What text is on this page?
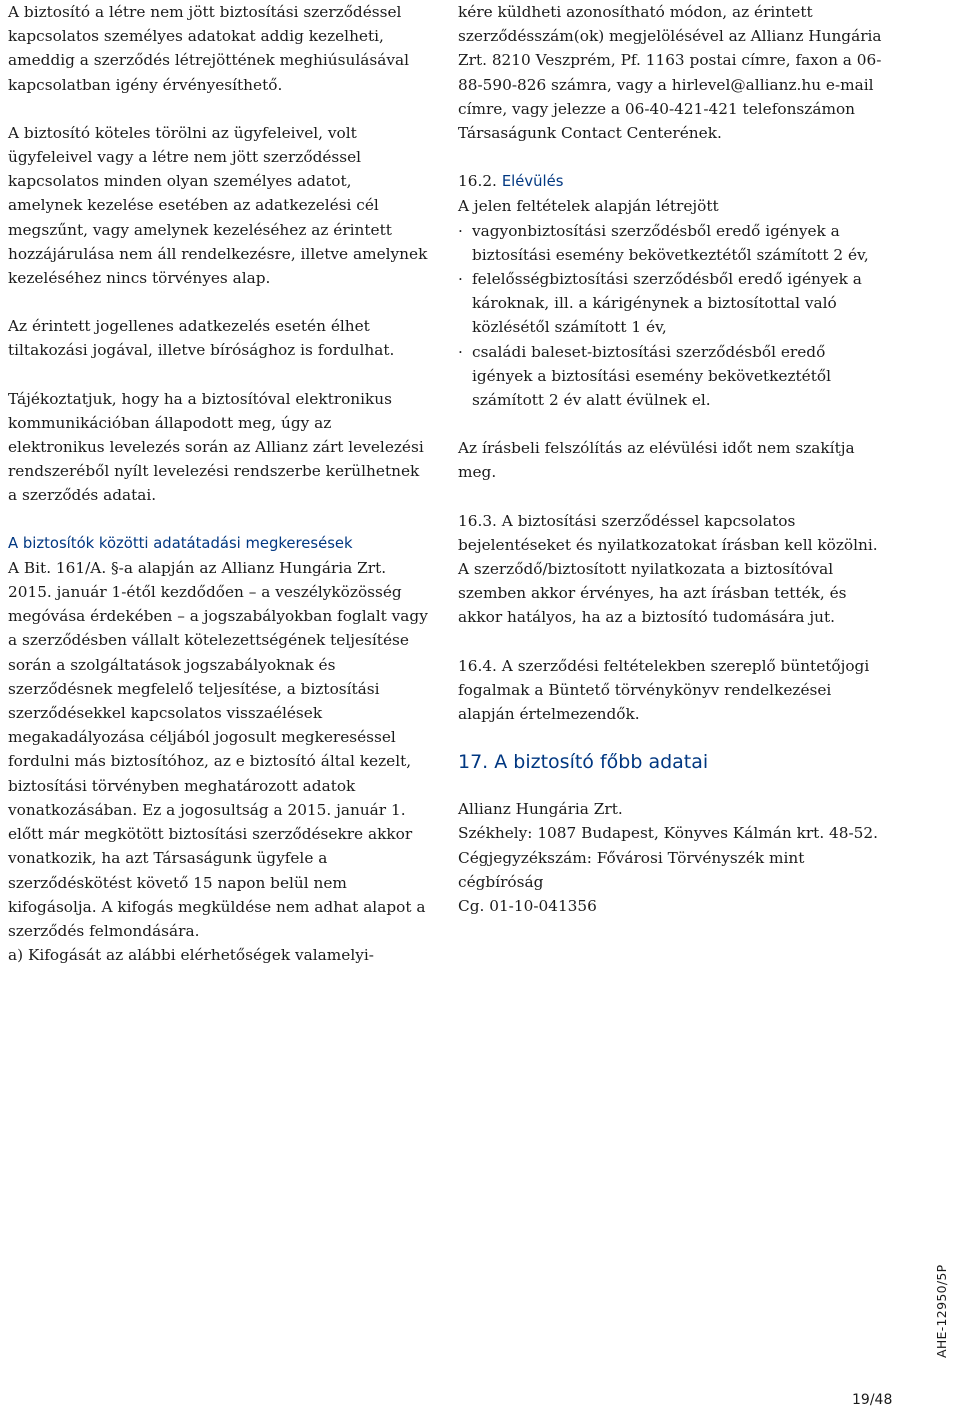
A biztosító a létre nem jött biztosítási szerződéssel kapcsolatos személyes adatokat addig kezelheti, ameddig a szerződés létrejöttének meghiúsulásával kapcsolatban igény érvényesíthető.

A biztosító köteles törölni az ügyfeleivel, volt ügyfeleivel vagy a létre nem jött szerződéssel kapcsolatos minden olyan személyes adatot, amelynek kezelése esetében az adatkezelési cél megszűnt, vagy amelynek kezeléséhez az érintett hozzájárulása nem áll rendelkezésre, illetve amelynek kezeléséhez nincs törvényes alap.

Az érintett jogellenes adatkezelés esetén élhet tiltakozási jogával, illetve bírósághoz is fordulhat.

Tájékoztatjuk, hogy ha a biztosítóval elektronikus kommunikációban állapodott meg, úgy az elektronikus levelezés során az Allianz zárt levelezési rendszeréből nyílt levelezési rendszerbe kerülhetnek a szerződés adatai.

A biztosítók közötti adatátadási megkeresések

A Bit. 161/A. §-a alapján az Allianz Hungária Zrt. 2015. január 1-étől kezdődően – a veszélyközösség megóvása érdekében – a jogszabályokban foglalt vagy a szerződésben vállalt kötelezettségének teljesítése során a szolgáltatások jogszabályoknak és szerződésnek megfelelő teljesítése, a biztosítási szerződésekkel kapcsolatos visszaélések megakadályozása céljából jogosult megkereséssel fordulni más biztosítóhoz, az e biztosító által kezelt, biztosítási törvényben meghatározott adatok vonatkozásában. Ez a jogosultság a 2015. január 1. előtt már megkötött biztosítási szerződésekre akkor vonatkozik, ha azt Társaságunk ügyfele a szerződéskötést követő 15 napon belül nem kifogásolja. A kifogás megküldése nem adhat alapot a szerződés felmondására.

a) Kifogását az alábbi elérhetőségek valamelyi-

kére küldheti azonosítható módon, az érintett szerződésszám(ok) megjelölésével az Allianz Hungária Zrt. 8210 Veszprém, Pf. 1163 postai címre, faxon a 06-88-590-826 számra, vagy a hirlevel@allianz.hu e-mail címre, vagy jelezze a 06-40-421-421 telefonszámon Társaságunk Contact Centerének.

16.2. Elévülés

A jelen feltételek alapján létrejött

· vagyonbiztosítási szerződésből eredő igények a biztosítási esemény bekövetkeztétől számított 2 év,
· felelősségbiztosítási szerződésből eredő igények a károknak, ill. a kárigénynek a biztosítottal való közlésétől számított 1 év,
· családi baleset-biztosítási szerződésből eredő igények a biztosítási esemény bekövetkeztétől számított 2 év alatt évülnek el.

Az írásbeli felszólítás az elévülési időt nem szakítja meg.

16.3. A biztosítási szerződéssel kapcsolatos bejelentéseket és nyilatkozatokat írásban kell közölni. A szerződő/biztosított nyilatkozata a biztosítóval szemben akkor érvényes, ha azt írásban tették, és akkor hatályos, ha az a biztosító tudomására jut.

16.4. A szerződési feltételekben szereplő büntetőjogi fogalmak a Büntető törvénykönyv rendelkezései alapján értelmezendők.

17. A biztosító főbb adatai

Allianz Hungária Zrt.

Székhely: 1087 Budapest, Könyves Kálmán krt. 48-52.

Cégjegyzékszám: Fővárosi Törvényszék mint cégbíróság

Cg. 01-10-041356

AHE-12950/5P
19/48
